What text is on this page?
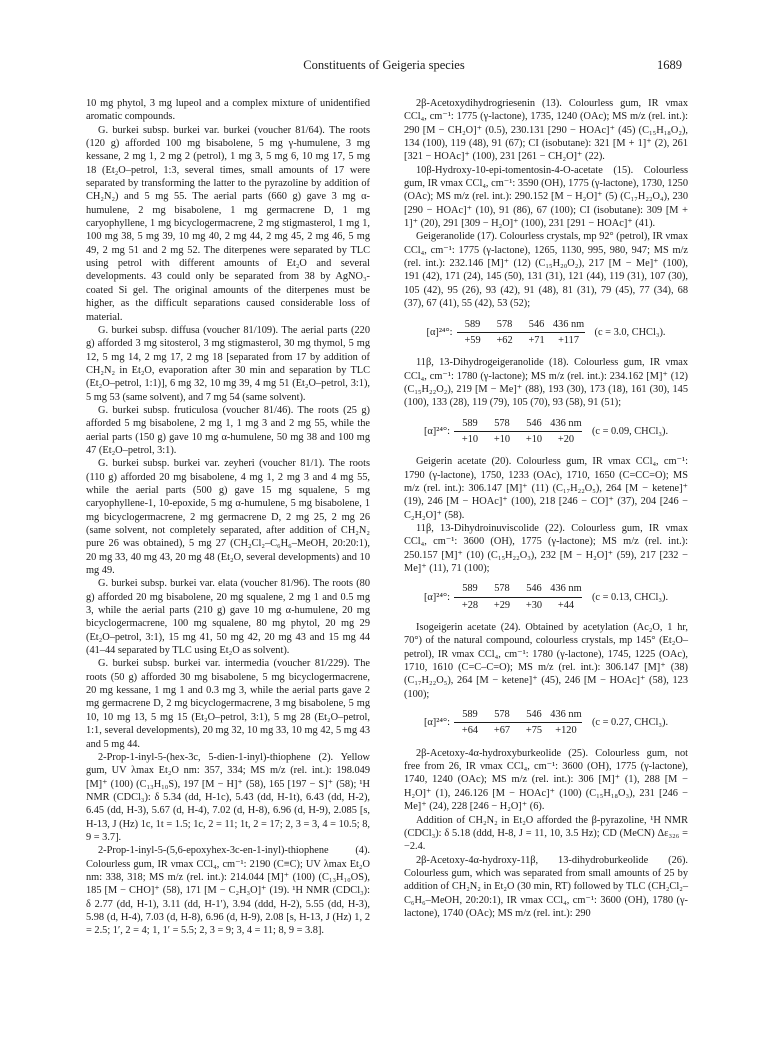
Constituents of Geigeria species	1689

10 mg phytol, 3 mg lupeol and a complex mixture of unidentified aromatic compounds.

G. burkei subsp. burkei var. burkei (voucher 81/64). The roots (120 g) afforded 100 mg bisabolene, 5 mg γ-humulene, 3 mg kessane, 2 mg 1, 2 mg 2 (petrol), 1 mg 3, 5 mg 6, 10 mg 17, 5 mg 18 (Et₂O–petrol, 1:3, several times, small amounts of 17 were separated by transforming the latter to the pyrazoline by addition of CH₂N₂) and 5 mg 55. The aerial parts (660 g) gave 3 mg α-humulene, 2 mg bisabolene, 1 mg germacrene D, 1 mg caryophyllene, 1 mg bicyclogermacrene, 2 mg stigmasterol, 1 mg 1, 100 mg 38, 5 mg 39, 10 mg 40, 2 mg 44, 2 mg 45, 2 mg 46, 5 mg 49, 2 mg 51 and 2 mg 52. The diterpenes were separated by TLC using petrol with different amounts of Et₂O and several developments. 43 could only be separated from 38 by AgNO₃-coated Si gel. The original amounts of the diterpenes must be higher, as the difficult separations caused considerable loss of material.

G. burkei subsp. diffusa (voucher 81/109). The aerial parts (220 g) afforded 3 mg sitosterol, 3 mg stigmasterol, 30 mg thymol, 5 mg 12, 5 mg 14, 2 mg 17, 2 mg 18 [separated from 17 by addition of CH₂N₂ in Et₂O, evaporation after 30 min and separation by TLC (Et₂O–petrol, 1:1)], 6 mg 32, 10 mg 39, 4 mg 51 (Et₂O–petrol, 3:1), 5 mg 53 (same solvent), and 7 mg 54 (same solvent).

G. burkei subsp. fruticulosa (voucher 81/46). The roots (25 g) afforded 5 mg bisabolene, 2 mg 1, 1 mg 3 and 2 mg 55, while the aerial parts (150 g) gave 10 mg α-humulene, 50 mg 38 and 100 mg 47 (Et₂O–petrol, 3:1).

G. burkei subsp. burkei var. zeyheri (voucher 81/1). The roots (110 g) afforded 20 mg bisabolene, 4 mg 1, 2 mg 3 and 4 mg 55, while the aerial parts (500 g) gave 15 mg squalene, 5 mg caryophyllene-1, 10-epoxide, 5 mg α-humulene, 5 mg bisabolene, 1 mg bicyclogermacrene, 2 mg germacrene D, 2 mg 25, 2 mg 26 (same solvent, not completely separated, after addition of CH₂N₂ pure 26 was obtained), 5 mg 27 (CH₂Cl₂–C₆H₆–MeOH, 20:20:1), 20 mg 33, 40 mg 43, 20 mg 48 (Et₂O, several developments) and 10 mg 49.

G. burkei subsp. burkei var. elata (voucher 81/96). The roots (80 g) afforded 20 mg bisabolene, 20 mg squalene, 2 mg 1 and 0.5 mg 3, while the aerial parts (210 g) gave 10 mg α-humulene, 20 mg bicyclogermacrene, 100 mg squalene, 80 mg phytol, 20 mg 29 (Et₂O–petrol, 3:1), 15 mg 41, 50 mg 42, 20 mg 43 and 15 mg 44 (41–44 separated by TLC using Et₂O as solvent).

G. burkei subsp. burkei var. intermedia (voucher 81/229). The roots (50 g) afforded 30 mg bisabolene, 5 mg bicyclogermacrene, 20 mg kessane, 1 mg 1 and 0.3 mg 3, while the aerial parts gave 2 mg germacrene D, 2 mg bicyclogermacrene, 3 mg bisabolene, 5 mg 10, 10 mg 13, 5 mg 15 (Et₂O–petrol, 3:1), 5 mg 28 (Et₂O–petrol, 1:1, several developments), 20 mg 32, 10 mg 33, 10 mg 42, 5 mg 43 and 5 mg 44.

2-Prop-1-inyl-5-(hex-3c, 5-dien-1-inyl)-thiophene (2). Yellow gum, UV λmax Et₂O nm: 357, 334; MS m/z (rel. int.): 198.049 [M]⁺ (100) (C₁₃H₁₀S), 197 [M − H]⁺ (58), 165 [197 − S]⁺ (58); ¹H NMR (CDCl₃): δ 5.34 (dd, H-1c), 5.43 (dd, H-1t), 6.43 (dd, H-2), 6.45 (dd, H-3), 5.67 (d, H-4), 7.02 (d, H-8), 6.96 (d, H-9), 2.085 [s, H-13, J (Hz) 1c, 1t = 1.5; 1c, 2 = 11; 1t, 2 = 17; 2, 3 = 3, 4 = 10.5; 8, 9 = 3.7].

2-Prop-1-inyl-5-(5,6-epoxyhex-3c-en-1-inyl)-thiophene (4). Colourless gum, IR νmax CCl₄, cm⁻¹: 2190 (C≡C); UV λmax Et₂O nm: 338, 318; MS m/z (rel. int.): 214.044 [M]⁺ (100) (C₁₃H₁₀OS), 185 [M − CHO]⁺ (58), 171 [M − C₂H₃O]⁺ (19). ¹H NMR (CDCl₃): δ 2.77 (dd, H-1), 3.11 (dd, H-1′), 3.94 (ddd, H-2), 5.55 (dd, H-3), 5.98 (d, H-4), 7.03 (d, H-8), 6.96 (d, H-9), 2.08 [s, H-13, J (Hz) 1, 2 = 2.5; 1′, 2 = 4; 1, 1′ = 5.5; 2, 3 = 9; 3, 4 = 11; 8, 9 = 3.8].

2β-Acetoxydihydrogriesenin (13). Colourless gum, IR νmax CCl₄, cm⁻¹: 1775 (γ-lactone), 1735, 1240 (OAc); MS m/z (rel. int.): 290 [M − CH₂O]⁺ (0.5), 230.131 [290 − HOAc]⁺ (45) (C₁₅H₁₈O₂), 134 (100), 119 (48), 91 (67); CI (isobutane): 321 [M + 1]⁺ (2), 261 [321 − HOAc]⁺ (100), 231 [261 − CH₂O]⁺ (22).

10β-Hydroxy-10-epi-tomentosin-4-O-acetate (15). Colourless gum, IR νmax CCl₄, cm⁻¹: 3590 (OH), 1775 (γ-lactone), 1730, 1250 (OAc); MS m/z (rel. int.): 290.152 [M − H₂O]⁺ (5) (C₁₇H₂₂O₄), 230 [290 − HOAc]⁺ (10), 91 (86), 67 (100); CI (isobutane): 309 [M + 1]⁺ (20), 291 [309 − H₂O]⁺ (100), 231 [291 − HOAc]⁺ (41).

Geigeranolide (17). Colourless crystals, mp 92° (petrol), IR νmax CCl₄, cm⁻¹: 1775 (γ-lactone), 1265, 1130, 995, 980, 947; MS m/z (rel. int.): 232.146 [M]⁺ (12) (C₁₅H₂₀O₂), 217 [M − Me]⁺ (100), 191 (42), 171 (24), 145 (50), 131 (31), 121 (44), 119 (31), 107 (30), 105 (42), 95 (26), 93 (42), 91 (48), 81 (31), 79 (45), 77 (34), 68 (37), 67 (41), 55 (42), 53 (52);

[α]²⁴°: 589	578	546 436 nm
+59	+62	+71	+117 (c = 3.0, CHCl₃).

11β, 13-Dihydrogeigeranolide (18). Colourless gum, IR νmax CCl₄, cm⁻¹: 1780 (γ-lactone); MS m/z (rel. int.): 234.162 [M]⁺ (12) (C₁₅H₂₂O₂), 219 [M − Me]⁺ (88), 193 (30), 173 (18), 161 (30), 145 (100), 133 (28), 119 (79), 105 (70), 93 (58), 91 (51);

[α]²⁴°: 589	578	546 436 nm
+10	+10	+10	+20 (c = 0.09, CHCl₃).

Geigerin acetate (20). Colourless gum, IR νmax CCl₄, cm⁻¹: 1790 (γ-lactone), 1750, 1233 (OAc), 1710, 1650 (C=CC=O); MS m/z (rel. int.): 306.147 [M]⁺ (11) (C₁₇H₂₂O₅), 264 [M − ketene]⁺ (19), 246 [M − HOAc]⁺ (100), 218 [246 − CO]⁺ (37), 204 [246 − C₂H₂O]⁺ (58).

11β, 13-Dihydroinuviscolide (22). Colourless gum, IR νmax CCl₄, cm⁻¹: 3600 (OH), 1775 (γ-lactone); MS m/z (rel. int.): 250.157 [M]⁺ (10) (C₁₅H₂₂O₃), 232 [M − H₂O]⁺ (59), 217 [232 − Me]⁺ (11), 71 (100);

[α]²⁴°: 589	578	546 436 nm
+28	+29	+30	+44 (c = 0.13, CHCl₃).

Isogeigerin acetate (24). Obtained by acetylation (Ac₂O, 1 hr, 70°) of the natural compound, colourless crystals, mp 145° (Et₂O–petrol), IR νmax CCl₄, cm⁻¹: 1780 (γ-lactone), 1745, 1225 (OAc), 1710, 1610 (C=C–C=O); MS m/z (rel. int.): 306.147 [M]⁺ (38) (C₁₇H₂₂O₅), 264 [M − ketene]⁺ (45), 246 [M − HOAc]⁺ (58), 123 (100);

[α]²⁴°: 589	578	546 436 nm
+64	+67	+75	+120 (c = 0.27, CHCl₃).

2β-Acetoxy-4α-hydroxyburkeolide (25). Colourless gum, not free from 26, IR νmax CCl₄, cm⁻¹: 3600 (OH), 1775 (γ-lactone), 1740, 1240 (OAc); MS m/z (rel. int.): 306 [M]⁺ (1), 288 [M − H₂O]⁺ (1), 246.126 [M − HOAc]⁺ (100) (C₁₅H₁₈O₃), 231 [246 − Me]⁺ (24), 228 [246 − H₂O]⁺ (6).

Addition of CH₂N₂ in Et₂O afforded the β-pyrazoline, ¹H NMR (CDCl₃): δ 5.18 (ddd, H-8, J = 11, 10, 3.5 Hz); CD (MeCN) Δε₃₂₆ = −2.4.

2β-Acetoxy-4α-hydroxy-11β, 13-dihydroburkeolide (26). Colourless gum, which was separated from small amounts of 25 by addition of CH₂N₂ in Et₂O (30 min, RT) followed by TLC (CH₂Cl₂–C₆H₆–MeOH, 20:20:1), IR νmax CCl₄, cm⁻¹: 3600 (OH), 1780 (γ-lactone), 1740 (OAc); MS m/z (rel. int.): 290
